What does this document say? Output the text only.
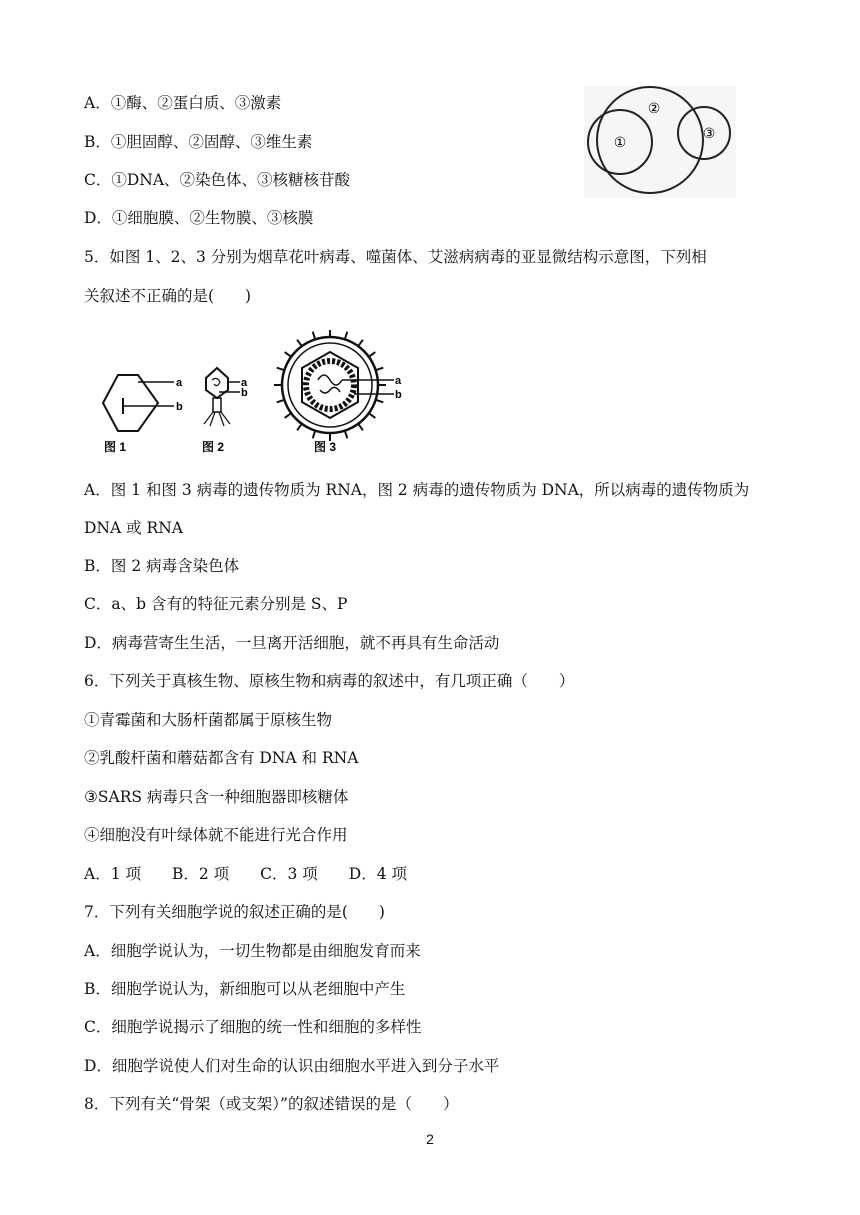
A．①酶、②蛋白质、③激素
B．①胆固醇、②固醇、③维生素
C．①DNA、②染色体、③核糖核苷酸
D．①细胞膜、②生物膜、③核膜
①
②
③
5．如图 1、2、3 分别为烟草花叶病毒、噬菌体、艾滋病病毒的亚显微结构示意图，下列相
关叙述不正确的是(　　)
a
b
图 1
a
b
图 2
a
b
图 3
A．图 1 和图 3 病毒的遗传物质为 RNA，图 2 病毒的遗传物质为 DNA，所以病毒的遗传物质为
DNA 或 RNA
B．图 2 病毒含染色体
C．a、b 含有的特征元素分别是 S、P
D．病毒营寄生生活，一旦离开活细胞，就不再具有生命活动
6．下列关于真核生物、原核生物和病毒的叙述中，有几项正确（　　）
①青霉菌和大肠杆菌都属于原核生物
②乳酸杆菌和蘑菇都含有 DNA 和 RNA
③SARS 病毒只含一种细胞器即核糖体
④细胞没有叶绿体就不能进行光合作用
A．1 项　　B．2 项　　C．3 项　　D．4 项
7．下列有关细胞学说的叙述正确的是(　　)
A．细胞学说认为，一切生物都是由细胞发育而来
B．细胞学说认为，新细胞可以从老细胞中产生
C．细胞学说揭示了细胞的统一性和细胞的多样性
D．细胞学说使人们对生命的认识由细胞水平进入到分子水平
8．下列有关“骨架（或支架）”的叙述错误的是（　　）
2
